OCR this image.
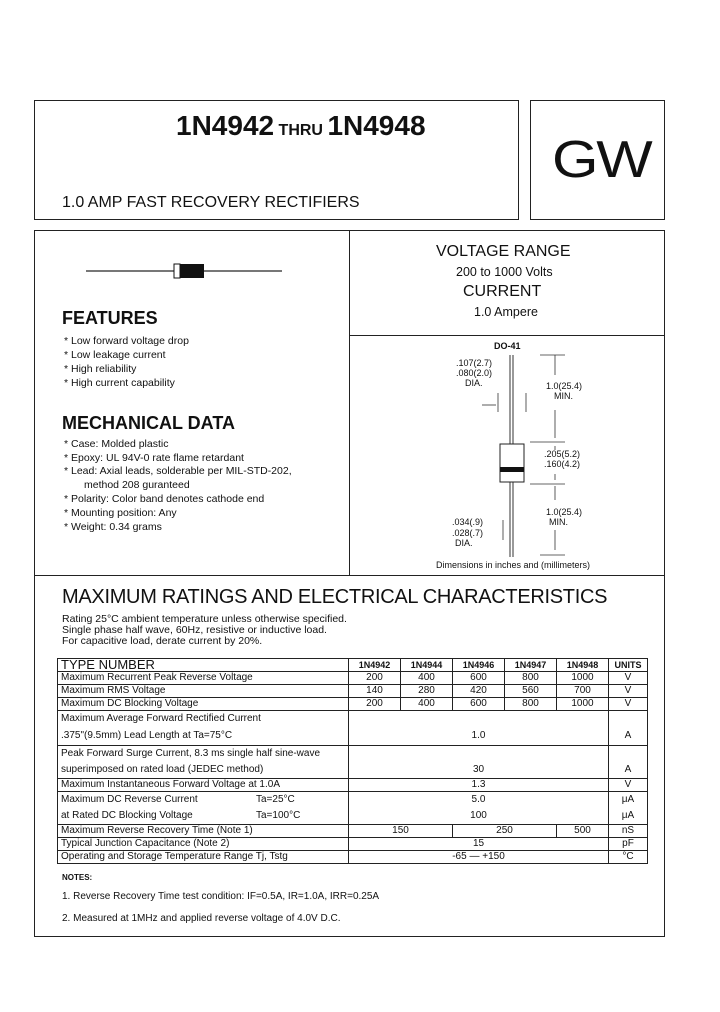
1N4942 THRU 1N4948
1.0 AMP FAST RECOVERY RECTIFIERS
GW
VOLTAGE RANGE
200 to 1000 Volts
CURRENT
1.0 Ampere
FEATURES
* Low forward voltage drop
* Low leakage current
* High reliability
* High current capability
MECHANICAL DATA
* Case: Molded plastic
* Epoxy: UL 94V-0 rate flame retardant
* Lead: Axial leads, solderable per MIL-STD-202,
method 208 guranteed
* Polarity: Color band denotes cathode end
* Mounting position: Any
* Weight: 0.34 grams
DO-41
.107(2.7)
.080(2.0)
DIA.	1.0(25.4)
MIN.
.205(5.2)
.160(4.2)
1.0(25.4)
MIN.
.034(.9)
.028(.7)
DIA.
Dimensions in inches and (millimeters)
MAXIMUM RATINGS AND ELECTRICAL CHARACTERISTICS
Rating 25°C ambient temperature unless otherwise specified.
Single phase half wave, 60Hz, resistive or inductive load.
For capacitive load, derate current by 20%.
TYPE NUMBER	1N4942	1N4944	1N4946	1N4947	1N4948	UNITS
Maximum Recurrent Peak Reverse Voltage	200	400	600	800	1000	V
Maximum RMS Voltage	140	280	420	560	700	V
Maximum DC Blocking Voltage	200	400	600	800	1000	V
Maximum Average Forward Rectified Current						
.375"(9.5mm) Lead Length at Ta=75°C	1.0					A
Peak Forward Surge Current, 8.3 ms single half sine-wave						
superimposed on rated load (JEDEC method)	30					A
Maximum Instantaneous Forward Voltage at 1.0A	1.3					V
Maximum DC Reverse Current Ta=25°C	5.0					μA
at Rated DC Blocking Voltage Ta=100°C	100					μA
Maximum Reverse Recovery Time (Note 1)	150		250		500	nS
Typical Junction Capacitance (Note 2)	15					pF
Operating and Storage Temperature Range Tj, Tstg	-65 — +150					°C
NOTES:
1. Reverse Recovery Time test condition: IF=0.5A, IR=1.0A, IRR=0.25A
2. Measured at 1MHz and applied reverse voltage of 4.0V D.C.
